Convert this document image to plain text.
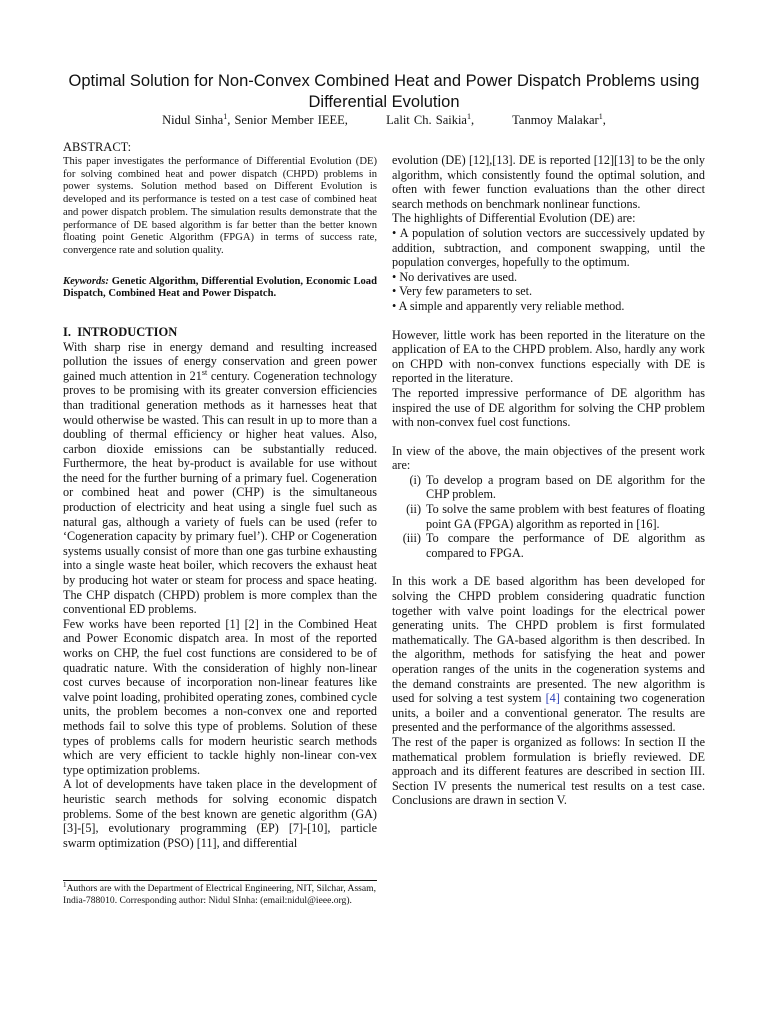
Optimal Solution for Non-Convex Combined Heat and Power Dispatch Problems using Differential Evolution
Nidul Sinha$^1$, Senior Member IEEE,	Lalit Ch. Saikia$^1$,	Tanmoy Malakar$^1$,

ABSTRACT:

This paper investigates the performance of Differential Evolution (DE) for solving combined heat and power dispatch (CHPD) problems in power systems. Solution method based on Different Evolution is developed and its performance is tested on a test case of combined heat and power dispatch problem. The simulation results demonstrate that the performance of DE based algorithm is far better than the better known floating point Genetic Algorithm (FPGA) in terms of success rate, convergence rate and solution quality.

Keywords: Genetic Algorithm, Differential Evolution, Economic Load Dispatch, Combined Heat and Power Dispatch.

I.  INTRODUCTION

With sharp rise in energy demand and resulting increased pollution the issues of energy conservation and green power gained much attention in 21st century. Cogeneration technology proves to be promising with its greater conversion efficiencies than traditional generation methods as it harnesses heat that would otherwise be wasted. This can result in up to more than a doubling of thermal efficiency or higher heat values. Also, carbon dioxide emissions can be substantially reduced. Furthermore, the heat by-product is available for use without the need for the further burning of a primary fuel. Cogeneration or combined heat and power (CHP) is the simultaneous production of electricity and heat using a single fuel such as natural gas, although a variety of fuels can be used (refer to ‘Cogeneration capacity by primary fuel’). CHP or Cogeneration systems usually consist of more than one gas turbine exhausting into a single waste heat boiler, which recovers the exhaust heat by producing hot water or steam for process and space heating. The CHP dispatch (CHPD) problem is more complex than the conventional ED problems.

Few works have been reported [1] [2] in the Combined Heat and Power Economic dispatch area. In most of the reported works on CHP, the fuel cost functions are considered to be of quadratic nature. With the consideration of highly non-linear cost curves because of incorporation non-linear features like valve point loading, prohibited operating zones, combined cycle units, the problem becomes a non-convex one and reported methods fail to solve this type of problems. Solution of these types of problems calls for modern heuristic search methods which are very efficient to tackle highly non-linear con-vex type optimization problems.

A lot of developments have taken place in the development of heuristic search methods for solving economic dispatch problems. Some of the best known are genetic algorithm (GA) [3]-[5], evolutionary programming (EP) [7]-[10], particle swarm optimization (PSO) [11], and differential

$^1$Authors are with the Department of Electrical Engineering, NIT, Silchar, Assam, India-788010. Corresponding author: Nidul SInha: (email:nidul@ieee.org).

evolution (DE) [12],[13]. DE is reported [12][13] to be the only algorithm, which consistently found the optimal solution, and often with fewer function evaluations than the other direct search methods on benchmark nonlinear functions.

The highlights of Differential Evolution (DE) are:

• A population of solution vectors are successively updated by addition, subtraction, and component swapping, until the population converges, hopefully to the optimum.

• No derivatives are used.

• Very few parameters to set.

• A simple and apparently very reliable method.

However, little work has been reported in the literature on the application of EA to the CHPD problem. Also, hardly any work on CHPD with non-convex functions especially with DE is reported in the literature.

The reported impressive performance of DE algorithm has inspired the use of DE algorithm for solving the CHP problem with non-convex fuel cost functions.

In view of the above, the main objectives of the present work are:

(i) To develop a program based on DE algorithm for the CHP problem.
(ii) To solve the same problem with best features of floating point GA (FPGA) algorithm as reported in [16].
(iii) To compare the performance of DE algorithm as compared to FPGA.

In this work a DE based algorithm has been developed for solving the CHPD problem considering quadratic function together with valve point loadings for the electrical power generating units. The CHPD problem is first formulated mathematically. The GA-based algorithm is then described. In the algorithm, methods for satisfying the heat and power operation ranges of the units in the cogeneration systems and the demand constraints are presented. The new algorithm is used for solving a test system [4] containing two cogeneration units, a boiler and a conventional generator. The results are presented and the performance of the algorithms assessed.

The rest of the paper is organized as follows: In section II the mathematical problem formulation is briefly reviewed. DE approach and its different features are described in section III. Section IV presents the numerical test results on a test case. Conclusions are drawn in section V.
